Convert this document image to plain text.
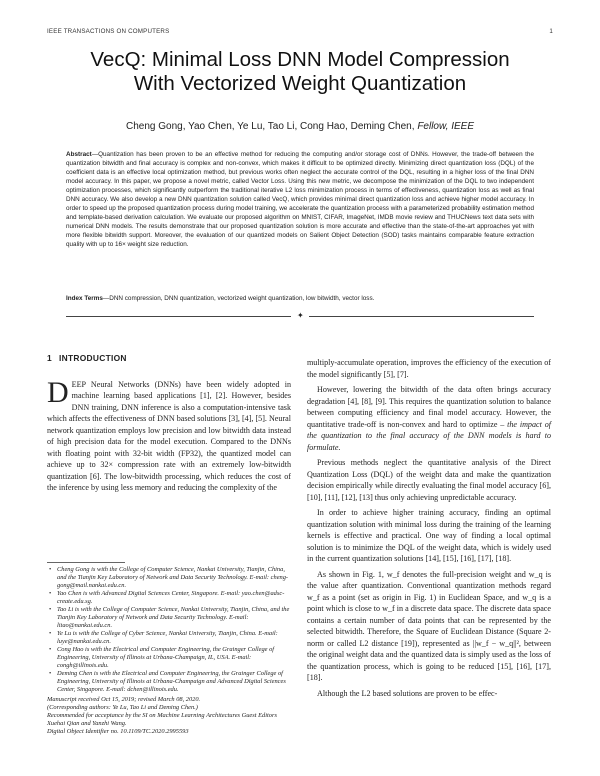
IEEE TRANSACTIONS ON COMPUTERS	1
VecQ: Minimal Loss DNN Model Compression
With Vectorized Weight Quantization
Cheng Gong, Yao Chen, Ye Lu, Tao Li, Cong Hao, Deming Chen, Fellow, IEEE
Abstract—Quantization has been proven to be an effective method for reducing the computing and/or storage cost of DNNs. However, the trade-off between the quantization bitwidth and final accuracy is complex and non-convex, which makes it difficult to be optimized directly. Minimizing direct quantization loss (DQL) of the coefficient data is an effective local optimization method, but previous works often neglect the accurate control of the DQL, resulting in a higher loss of the final DNN model accuracy. In this paper, we propose a novel metric, called Vector Loss. Using this new metric, we decompose the minimization of the DQL to two independent optimization processes, which significantly outperform the traditional iterative L2 loss minimization process in terms of effectiveness, quantization loss as well as final DNN accuracy. We also develop a new DNN quantization solution called VecQ, which provides minimal direct quantization loss and achieve higher model accuracy. In order to speed up the proposed quantization process during model training, we accelerate the quantization process with a parameterized probability estimation method and template-based derivation calculation. We evaluate our proposed algorithm on MNIST, CIFAR, ImageNet, IMDB movie review and THUCNews text data sets with numerical DNN models. The results demonstrate that our proposed quantization solution is more accurate and effective than the state-of-the-art approaches yet with more flexible bitwidth support. Moreover, the evaluation of our quantized models on Salient Object Detection (SOD) tasks maintains comparable feature extraction quality with up to 16× weight size reduction.
Index Terms—DNN compression, DNN quantization, vectorized weight quantization, low bitwidth, vector loss.
✦
1 INTRODUCTION

DEEP Neural Networks (DNNs) have been widely adopted in machine learning based applications [1], [2]. However, besides DNN training, DNN inference is also a computation-intensive task which affects the effectiveness of DNN based solutions [3], [4], [5]. Neural network quantization employs low precision and low bitwidth data instead of high precision data for the model execution. Compared to the DNNs with floating point with 32-bit width (FP32), the quantized model can achieve up to 32× compression rate with an extremely low-bitwidth quantization [6]. The low-bitwidth processing, which reduces the cost of the inference by using less memory and reducing the complexity of the

• Cheng Gong is with the College of Computer Science, Nankai University, Tianjin, China, and the Tianjin Key Laboratory of Network and Data Security Technology. E-mail: cheng-gong@mail.nankai.edu.cn.
• Yao Chen is with Advanced Digital Sciences Center, Singapore. E-mail: yao.chen@adsc-create.edu.sg.
• Tao Li is with the College of Computer Science, Nankai University, Tianjin, China, and the Tianjin Key Laboratory of Network and Data Security Technology. E-mail: litao@nankai.edu.cn.
• Ye Lu is with the College of Cyber Science, Nankai University, Tianjin, China. E-mail: luye@nankai.edu.cn.
• Cong Hao is with the Electrical and Computer Engineering, the Grainger College of Engineering, University of Illinois at Urbana-Champaign, IL, USA. E-mail: congh@illinois.edu.
• Deming Chen is with the Electrical and Computer Engineering, the Grainger College of Engineering, University of Illinois at Urbana-Champaign and Advanced Digital Sciences Center, Singapore. E-mail: dchen@illinois.edu.
Manuscript received Oct 15, 2019; revised March 08, 2020.
(Corresponding authors: Ye Lu, Tao Li and Deming Chen.)
Recommended for acceptance by the SI on Machine Learning Architectures Guest Editors Xuehai Qian and Yanzhi Wang.
Digital Object Identifier no. 10.1109/TC.2020.2995593

multiply-accumulate operation, improves the efficiency of the execution of the model significantly [5], [7].

However, lowering the bitwidth of the data often brings accuracy degradation [4], [8], [9]. This requires the quantization solution to balance between computing efficiency and final model accuracy. However, the quantitative trade-off is non-convex and hard to optimize – the impact of the quantization to the final accuracy of the DNN models is hard to formulate.

Previous methods neglect the quantitative analysis of the Direct Quantization Loss (DQL) of the weight data and make the quantization decision empirically while directly evaluating the final model accuracy [6], [10], [11], [12], [13] thus only achieving unpredictable accuracy.

In order to achieve higher training accuracy, finding an optimal quantization solution with minimal loss during the training of the learning kernels is effective and practical. One way of finding a local optimal solution is to minimize the DQL of the weight data, which is widely used in the current quantization solutions [14], [15], [16], [17], [18].

As shown in Fig. 1, w_f denotes the full-precision weight and w_q is the value after quantization. Conventional quantization methods regard w_f as a point (set as origin in Fig. 1) in Euclidean Space, and w_q is a point which is close to w_f in a discrete data space. The discrete data space contains a certain number of data points that can be represented by the selected bitwidth. Therefore, the Square of Euclidean Distance (Square 2-norm or called L2 distance [19]), represented as ||w_f − w_q||², between the original weight data and the quantized data is simply used as the loss of the quantization process, which is going to be reduced [15], [16], [17], [18].

Although the L2 based solutions are proven to be effec-
